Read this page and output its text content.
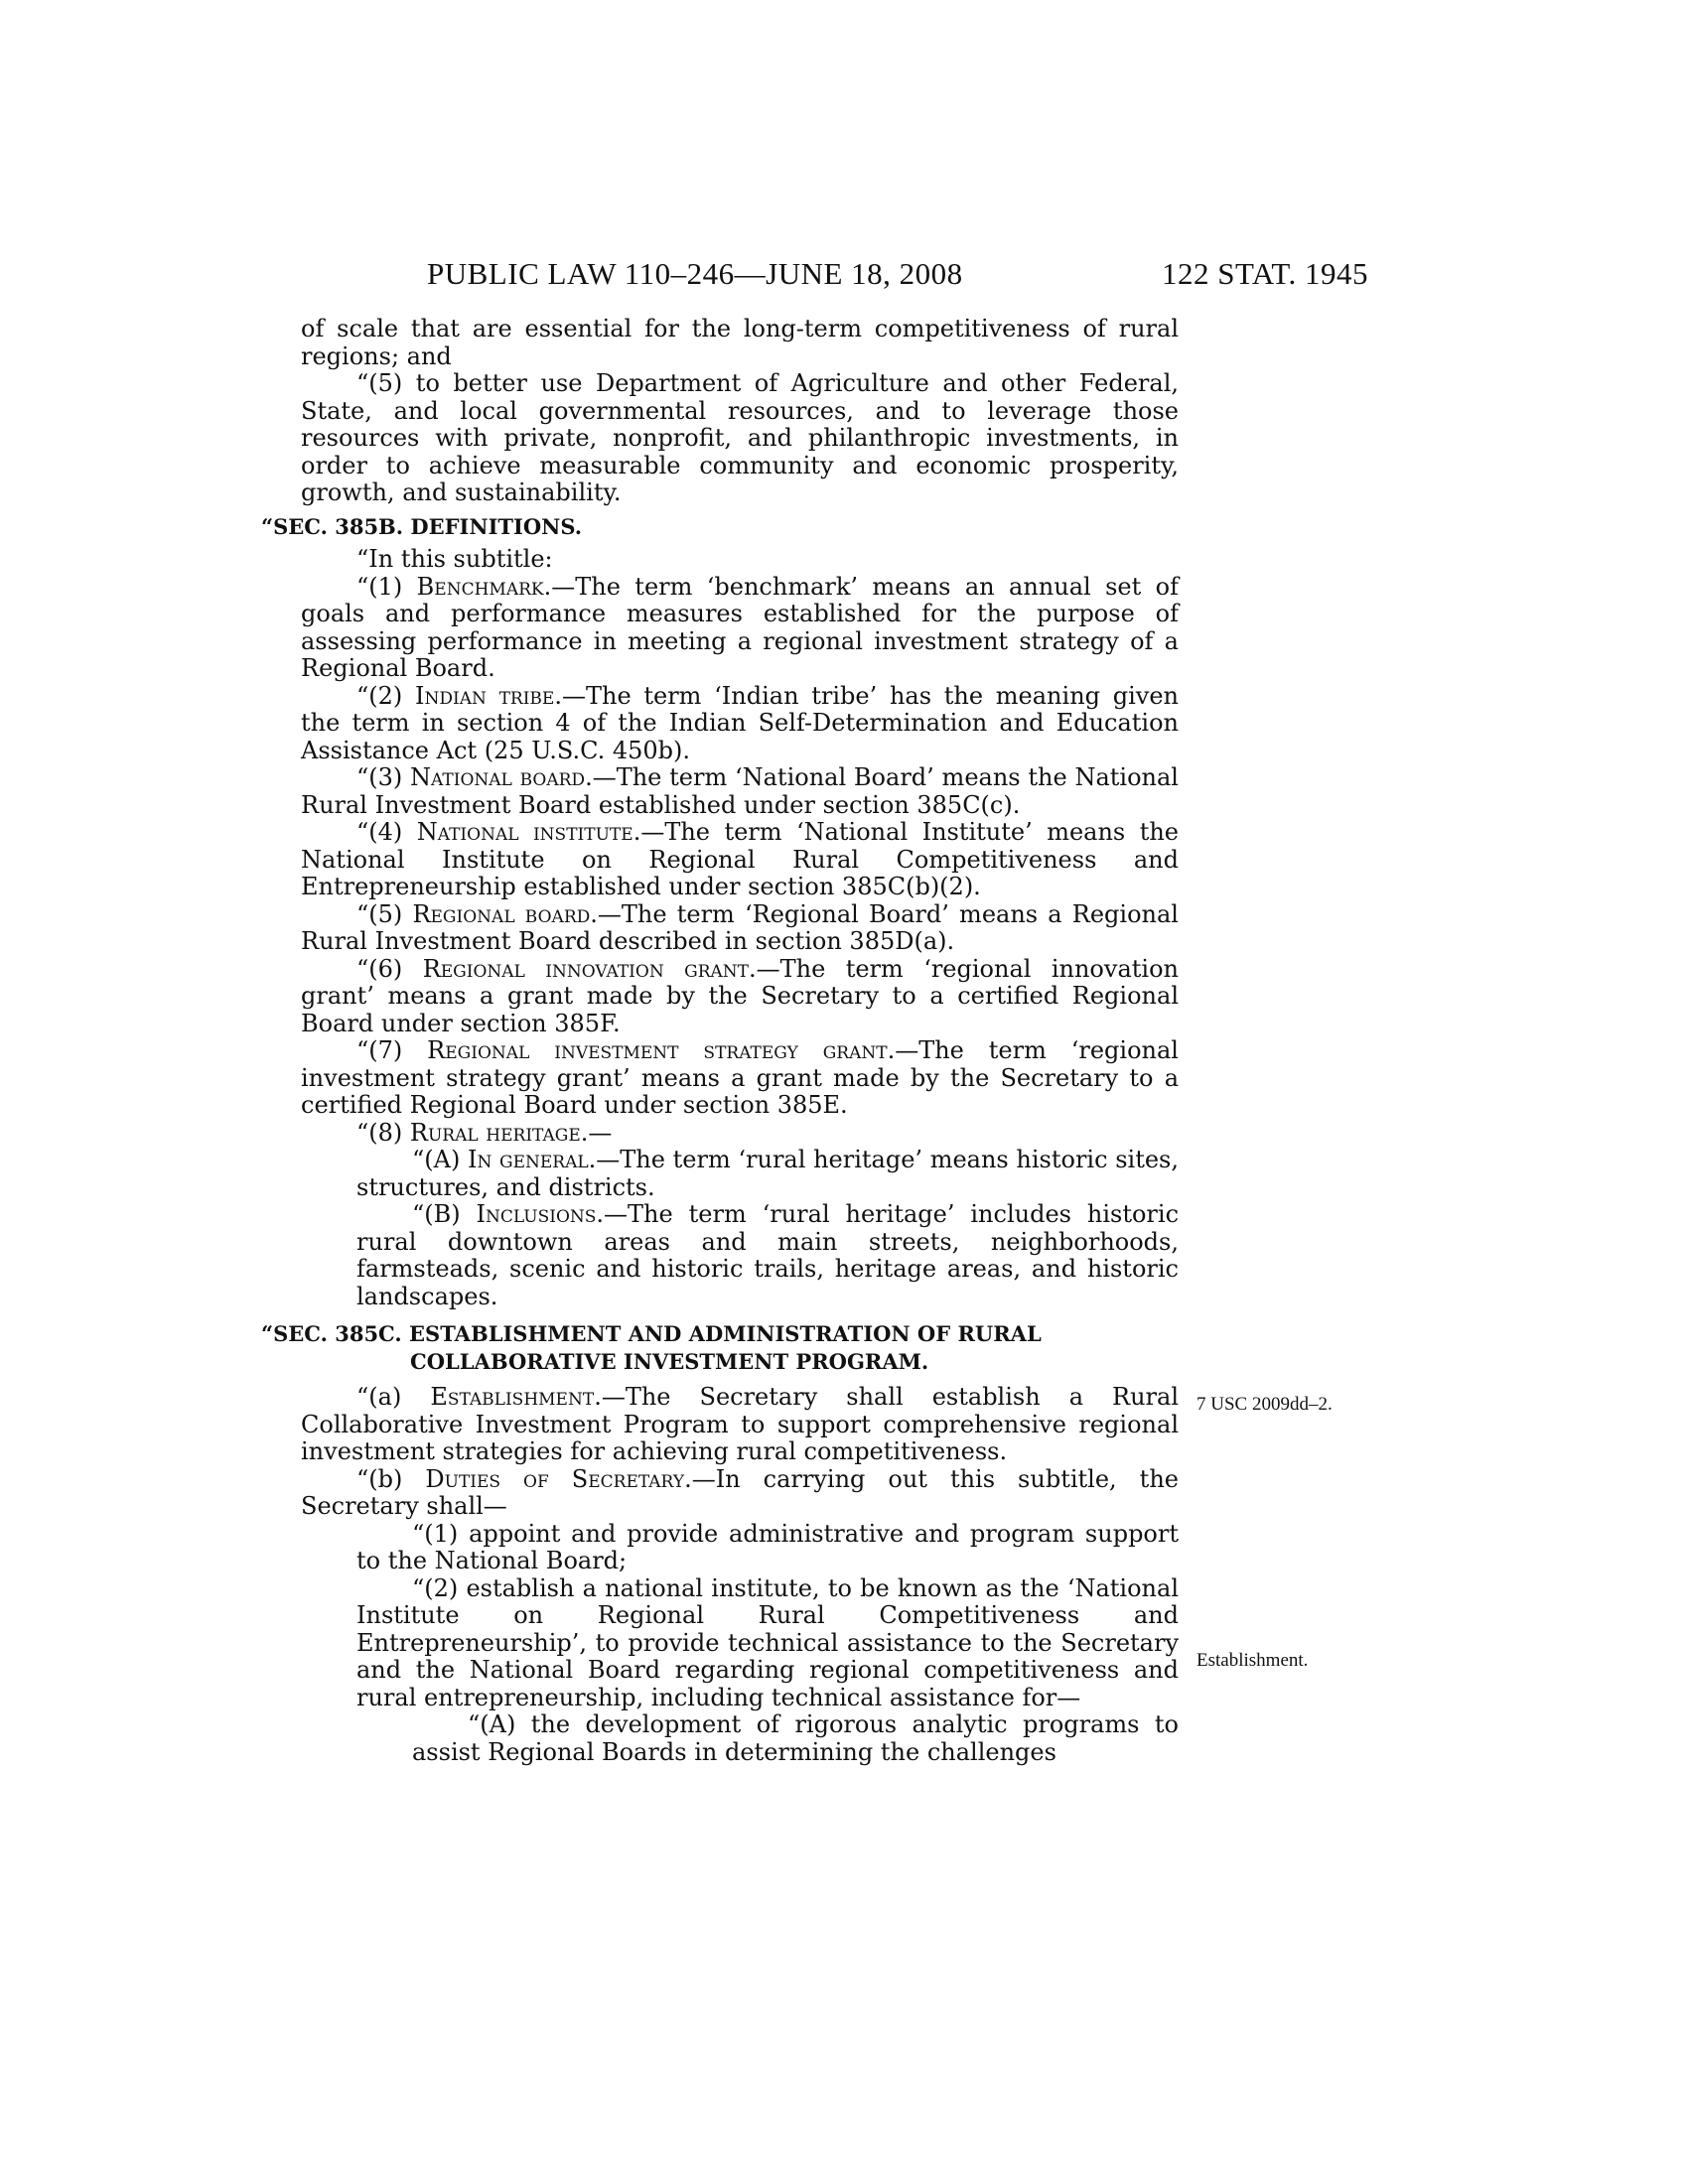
PUBLIC LAW 110–246—JUNE 18, 2008	122 STAT. 1945
7 USC 2009dd–2.
Establishment.

of scale that are essential for the long-term competitiveness of rural regions; and

“(5) to better use Department of Agriculture and other Federal, State, and local governmental resources, and to leverage those resources with private, nonprofit, and philanthropic investments, in order to achieve measurable community and economic prosperity, growth, and sustainability.

“SEC. 385B. DEFINITIONS.

“In this subtitle:

“(1) Benchmark.—The term ‘benchmark’ means an annual set of goals and performance measures established for the purpose of assessing performance in meeting a regional investment strategy of a Regional Board.

“(2) Indian tribe.—The term ‘Indian tribe’ has the meaning given the term in section 4 of the Indian Self-Determination and Education Assistance Act (25 U.S.C. 450b).

“(3) National board.—The term ‘National Board’ means the National Rural Investment Board established under section 385C(c).

“(4) National institute.—The term ‘National Institute’ means the National Institute on Regional Rural Competitiveness and Entrepreneurship established under section 385C(b)(2).

“(5) Regional board.—The term ‘Regional Board’ means a Regional Rural Investment Board described in section 385D(a).

“(6) Regional innovation grant.—The term ‘regional innovation grant’ means a grant made by the Secretary to a certified Regional Board under section 385F.

“(7) Regional investment strategy grant.—The term ‘regional investment strategy grant’ means a grant made by the Secretary to a certified Regional Board under section 385E.

“(8) Rural heritage.—

“(A) In general.—The term ‘rural heritage’ means historic sites, structures, and districts.

“(B) Inclusions.—The term ‘rural heritage’ includes historic rural downtown areas and main streets, neighborhoods, farmsteads, scenic and historic trails, heritage areas, and historic landscapes.

“SEC. 385C. ESTABLISHMENT AND ADMINISTRATION OF RURAL
COLLABORATIVE INVESTMENT PROGRAM.

“(a) Establishment.—The Secretary shall establish a Rural Collaborative Investment Program to support comprehensive regional investment strategies for achieving rural competitiveness.

“(b) Duties of Secretary.—In carrying out this subtitle, the Secretary shall—

“(1) appoint and provide administrative and program support to the National Board;

“(2) establish a national institute, to be known as the ‘National Institute on Regional Rural Competitiveness and Entrepreneurship’, to provide technical assistance to the Secretary and the National Board regarding regional competitiveness and rural entrepreneurship, including technical assistance for—

“(A) the development of rigorous analytic programs to assist Regional Boards in determining the challenges
